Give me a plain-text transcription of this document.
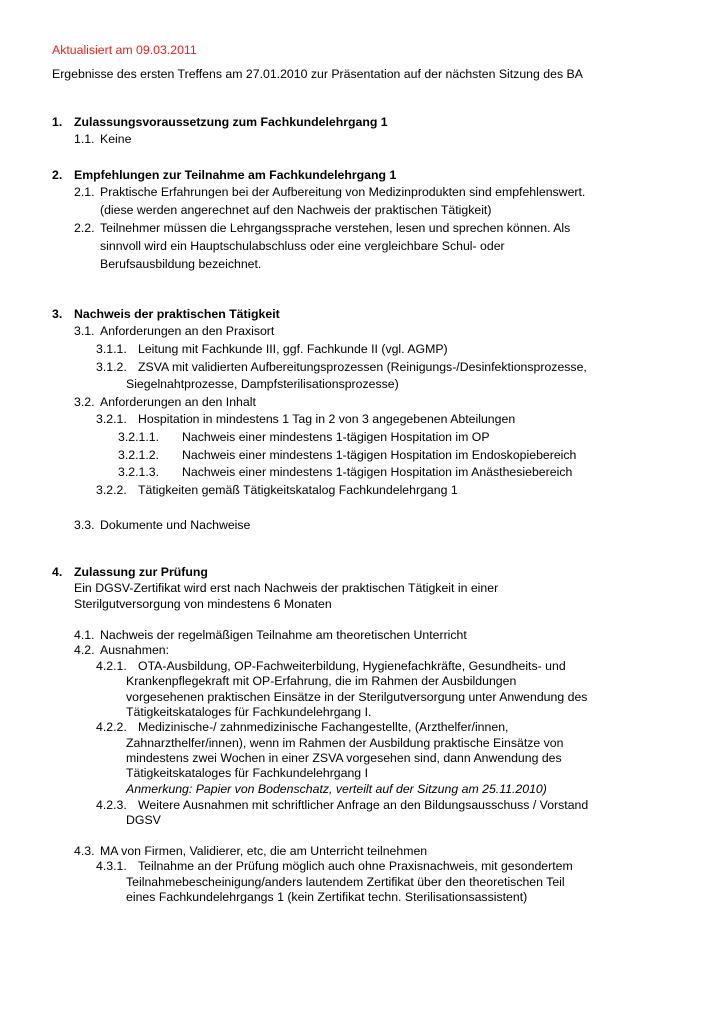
Aktualisiert am 09.03.2011
Ergebnisse des ersten Treffens am 27.01.2010 zur Präsentation auf der nächsten Sitzung des BA
1. Zulassungsvoraussetzung zum Fachkundelehrgang 1
1.1. Keine
2. Empfehlungen zur Teilnahme am Fachkundelehrgang 1
2.1. Praktische Erfahrungen bei der Aufbereitung von Medizinprodukten sind empfehlenswert.
(diese werden angerechnet auf den Nachweis der praktischen Tätigkeit)
2.2. Teilnehmer müssen die Lehrgangssprache verstehen, lesen und sprechen können. Als
sinnvoll wird ein Hauptschulabschluss oder eine vergleichbare Schul- oder
Berufsausbildung bezeichnet.
3. Nachweis der praktischen Tätigkeit
3.1. Anforderungen an den Praxisort
3.1.1. Leitung mit Fachkunde III, ggf. Fachkunde II (vgl. AGMP)
3.1.2. ZSVA mit validierten Aufbereitungsprozessen (Reinigungs-/Desinfektionsprozesse,
Siegelnahtprozesse, Dampfsterilisationsprozesse)
3.2. Anforderungen an den Inhalt
3.2.1. Hospitation in mindestens 1 Tag in 2 von 3 angegebenen Abteilungen
3.2.1.1. Nachweis einer mindestens 1-tägigen Hospitation im OP
3.2.1.2. Nachweis einer mindestens 1-tägigen Hospitation im Endoskopiebereich
3.2.1.3. Nachweis einer mindestens 1-tägigen Hospitation im Anästhesiebereich
3.2.2. Tätigkeiten gemäß Tätigkeitskatalog Fachkundelehrgang 1
3.3. Dokumente und Nachweise
4. Zulassung zur Prüfung
Ein DGSV-Zertifikat wird erst nach Nachweis der praktischen Tätigkeit in einer
Sterilgutversorgung von mindestens 6 Monaten
4.1. Nachweis der regelmäßigen Teilnahme am theoretischen Unterricht
4.2. Ausnahmen:
4.2.1. OTA-Ausbildung, OP-Fachweiterbildung, Hygienefachkräfte, Gesundheits- und
Krankenpflegekraft mit OP-Erfahrung, die im Rahmen der Ausbildungen
vorgesehenen praktischen Einsätze in der Sterilgutversorgung unter Anwendung des
Tätigkeitskataloges für Fachkundelehrgang I.
4.2.2. Medizinische-/ zahnmedizinische Fachangestellte, (Arzthelfer/innen,
Zahnarzthelfer/innen), wenn im Rahmen der Ausbildung praktische Einsätze von
mindestens zwei Wochen in einer ZSVA vorgesehen sind, dann Anwendung des
Tätigkeitskataloges für Fachkundelehrgang I
Anmerkung: Papier von Bodenschatz, verteilt auf der Sitzung am 25.11.2010)
4.2.3. Weitere Ausnahmen mit schriftlicher Anfrage an den Bildungsausschuss / Vorstand
DGSV
4.3. MA von Firmen, Validierer, etc, die am Unterricht teilnehmen
4.3.1. Teilnahme an der Prüfung möglich auch ohne Praxisnachweis, mit gesondertem
Teilnahmebescheinigung/anders lautendem Zertifikat über den theoretischen Teil
eines Fachkundelehrgangs 1 (kein Zertifikat techn. Sterilisationsassistent)
